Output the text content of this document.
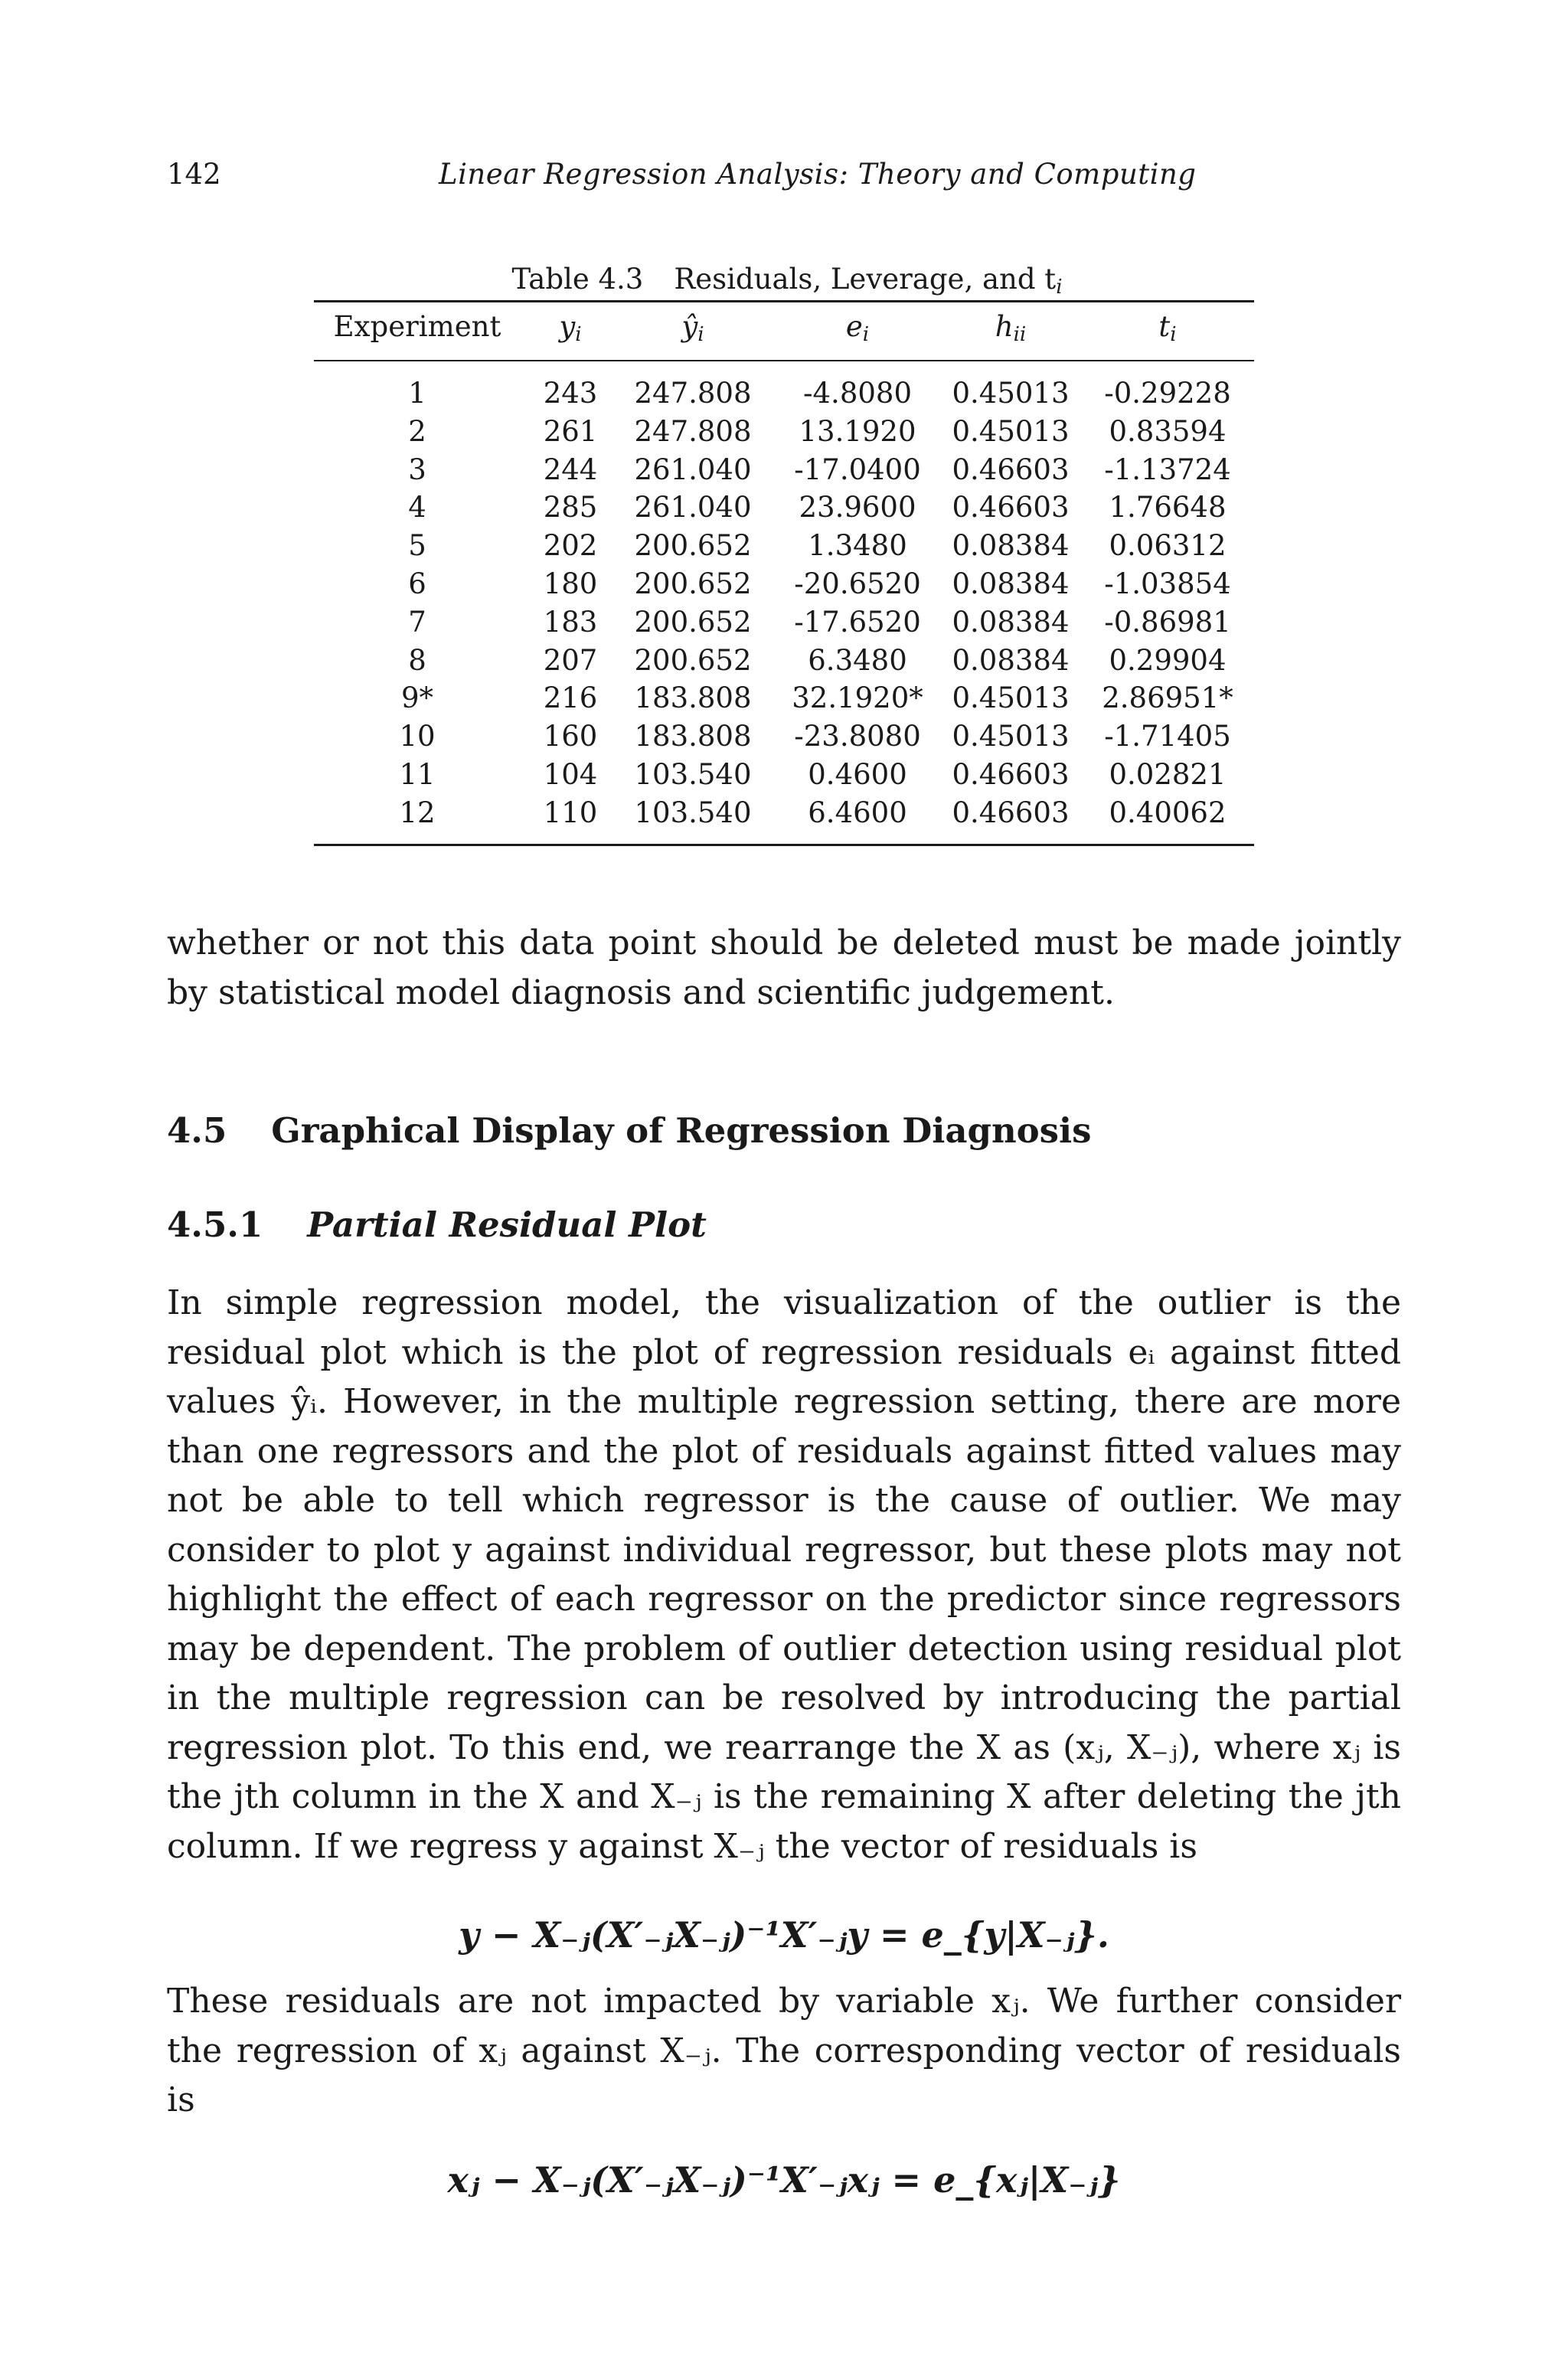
142	Linear Regression Analysis: Theory and Computing
Table 4.3 Residuals, Leverage, and $t_i$
Experiment	$y_i$	$ŷ_i$	$e_i$	$h_{ii}$	$t_i$
1	243	247.808	-4.8080	0.45013	-0.29228
2	261	247.808	13.1920	0.45013	0.83594
3	244	261.040	-17.0400	0.46603	-1.13724
4	285	261.040	23.9600	0.46603	1.76648
5	202	200.652	1.3480	0.08384	0.06312
6	180	200.652	-20.6520	0.08384	-1.03854
7	183	200.652	-17.6520	0.08384	-0.86981
8	207	200.652	6.3480	0.08384	0.29904
9*	216	183.808	32.1920*	0.45013	2.86951*
10	160	183.808	-23.8080	0.45013	-1.71405
11	104	103.540	0.4600	0.46603	0.02821
12	110	103.540	6.4600	0.46603	0.40062

whether or not this data point should be deleted must be made jointly by statistical model diagnosis and scientific judgement.

4.5 Graphical Display of Regression Diagnosis
4.5.1 Partial Residual Plot

In simple regression model, the visualization of the outlier is the residual plot which is the plot of regression residuals eᵢ against fitted values ŷᵢ. However, in the multiple regression setting, there are more than one regressors and the plot of residuals against fitted values may not be able to tell which regressor is the cause of outlier. We may consider to plot y against individual regressor, but these plots may not highlight the effect of each regressor on the predictor since regressors may be dependent. The problem of outlier detection using residual plot in the multiple regression can be resolved by introducing the partial regression plot. To this end, we rearrange the X as (xⱼ, X₋ⱼ), where xⱼ is the jth column in the X and X₋ⱼ is the remaining X after deleting the jth column. If we regress y against X₋ⱼ the vector of residuals is

y − X₋ⱼ(X′₋ⱼX₋ⱼ)⁻¹X′₋ⱼy = e_{y|X₋ⱼ}.

These residuals are not impacted by variable xⱼ. We further consider the regression of xⱼ against X₋ⱼ. The corresponding vector of residuals is

xⱼ − X₋ⱼ(X′₋ⱼX₋ⱼ)⁻¹X′₋ⱼxⱼ = e_{xⱼ|X₋ⱼ}
